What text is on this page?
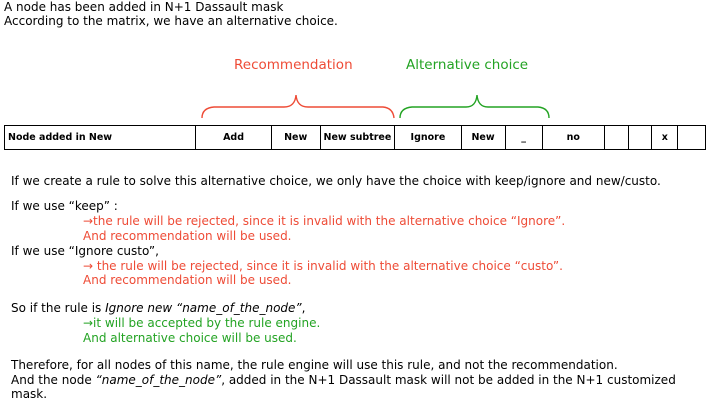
A node has been added in N+1 Dassault mask
According to the matrix, we have an alternative choice.
Recommendation	Alternative choice
Node added in New	Add	New	New subtree	Ignore	New	_	no			x	
If we create a rule to solve this alternative choice, we only have the choice with keep/ignore and new/custo.
If we use “keep” :
→the rule will be rejected, since it is invalid with the alternative choice “Ignore”.
And recommendation will be used.
If we use “Ignore custo”,
→ the rule will be rejected, since it is invalid with the alternative choice “custo”.
And recommendation will be used.
So if the rule is Ignore new “name_of_the_node”,
→it will be accepted by the rule engine.
And alternative choice will be used.
Therefore, for all nodes of this name, the rule engine will use this rule, and not the recommendation.
And the node “name_of_the_node”, added in the N+1 Dassault mask will not be added in the N+1 customized
mask.
